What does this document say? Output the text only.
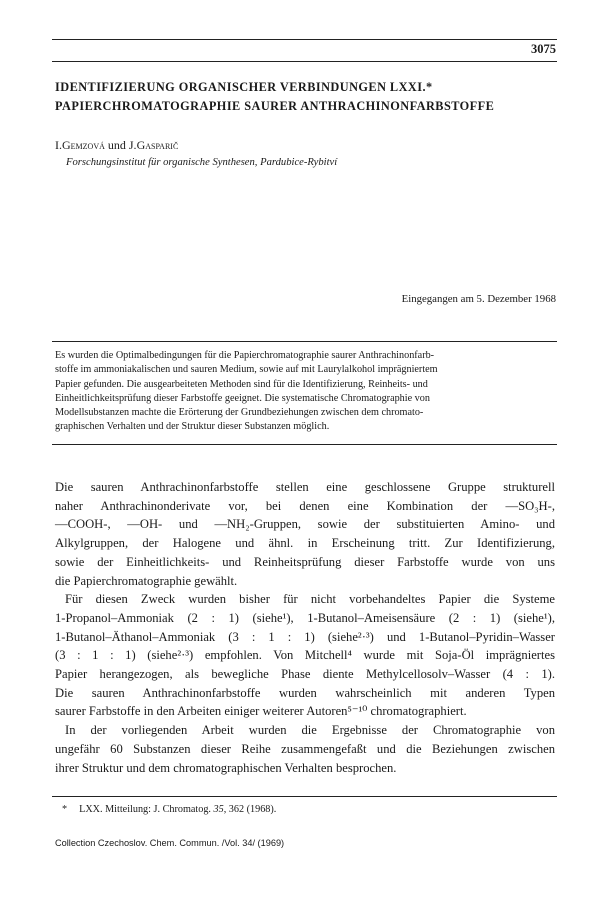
3075
IDENTIFIZIERUNG ORGANISCHER VERBINDUNGEN LXXI.*
PAPIERCHROMATOGRAPHIE SAURER ANTHRACHINONFARBSTOFFE
I.Gemzová und J.Gasparič
Forschungsinstitut für organische Synthesen, Pardubice-Rybitví
Eingegangen am 5. Dezember 1968
Es wurden die Optimalbedingungen für die Papierchromatographie saurer Anthrachinonfarb-
stoffe im ammoniakalischen und sauren Medium, sowie auf mit Laurylalkohol imprägniertem
Papier gefunden. Die ausgearbeiteten Methoden sind für die Identifizierung, Reinheits- und
Einheitlichkeitsprüfung dieser Farbstoffe geeignet. Die systematische Chromatographie von
Modellsubstanzen machte die Erörterung der Grundbeziehungen zwischen dem chromato-
graphischen Verhalten und der Struktur dieser Substanzen möglich.
Die sauren Anthrachinonfarbstoffe stellen eine geschlossene Gruppe strukturell
naher Anthrachinonderivate vor, bei denen eine Kombination der —SO₃H-,
—COOH-, —OH- und —NH₂-Gruppen, sowie der substituierten Amino- und
Alkylgruppen, der Halogene und ähnl. in Erscheinung tritt. Zur Identifizierung,
sowie der Einheitlichkeits- und Reinheitsprüfung dieser Farbstoffe wurde von uns
die Papierchromatographie gewählt.
Für diesen Zweck wurden bisher für nicht vorbehandeltes Papier die Systeme
1-Propanol–Ammoniak (2 : 1) (siehe¹), 1-Butanol–Ameisensäure (2 : 1) (siehe¹),
1-Butanol–Äthanol–Ammoniak (3 : 1 : 1) (siehe²·³) und 1-Butanol–Pyridin–Wasser
(3 : 1 : 1) (siehe²·³) empfohlen. Von Mitchell⁴ wurde mit Soja-Öl imprägniertes
Papier herangezogen, als bewegliche Phase diente Methylcellosolv–Wasser (4 : 1).
Die sauren Anthrachinonfarbstoffe wurden wahrscheinlich mit anderen Typen
saurer Farbstoffe in den Arbeiten einiger weiterer Autoren⁵⁻¹⁰ chromatographiert.
In der vorliegenden Arbeit wurden die Ergebnisse der Chromatographie von
ungefähr 60 Substanzen dieser Reihe zusammengefaßt und die Beziehungen zwischen
ihrer Struktur und dem chromatographischen Verhalten besprochen.
* LXX. Mitteilung: J. Chromatog. 35, 362 (1968).
Collection Czechoslov. Chem. Commun. /Vol. 34/ (1969)
